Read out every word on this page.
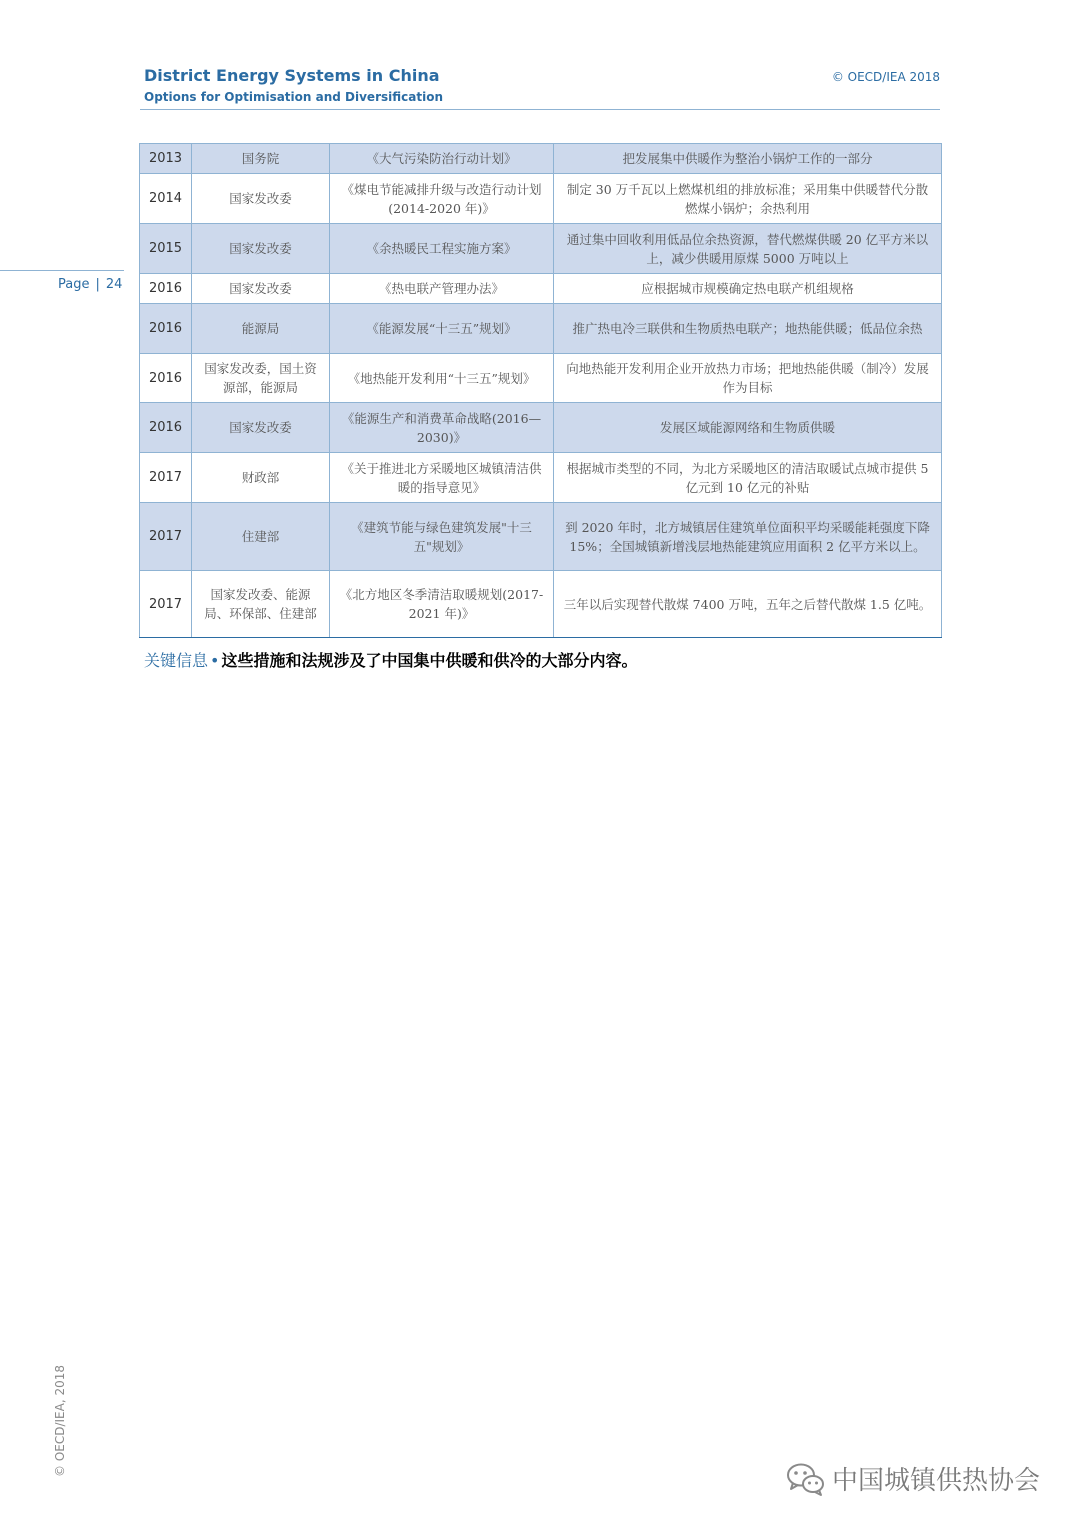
District Energy Systems in China
Options for Optimisation and Diversification
© OECD/IEA 2018
Page | 24
2013	国务院	《大气污染防治行动计划》	把发展集中供暖作为整治小锅炉工作的一部分
2014	国家发改委	《煤电节能减排升级与改造行动计划(2014-2020 年)》	制定 30 万千瓦以上燃煤机组的排放标准；采用集中供暖替代分散燃煤小锅炉；余热利用
2015	国家发改委	《余热暖民工程实施方案》	通过集中回收利用低品位余热资源，替代燃煤供暖 20 亿平方米以上，减少供暖用原煤 5000 万吨以上
2016	国家发改委	《热电联产管理办法》	应根据城市规模确定热电联产机组规格
2016	能源局	《能源发展“十三五”规划》	推广热电冷三联供和生物质热电联产；地热能供暖；低品位余热
2016	国家发改委，国土资源部，能源局	《地热能开发利用“十三五”规划》	向地热能开发利用企业开放热力市场；把地热能供暖（制冷）发展作为目标
2016	国家发改委	《能源生产和消费革命战略(2016—2030)》	发展区域能源网络和生物质供暖
2017	财政部	《关于推进北方采暖地区城镇清洁供暖的指导意见》	根据城市类型的不同，为北方采暖地区的清洁取暖试点城市提供 5 亿元到 10 亿元的补贴
2017	住建部	《建筑节能与绿色建筑发展"十三五"规划》	到 2020 年时，北方城镇居住建筑单位面积平均采暖能耗强度下降 15%；全国城镇新增浅层地热能建筑应用面积 2 亿平方米以上。
2017	国家发改委、能源局、环保部、住建部	《北方地区冬季清洁取暖规划(2017-2021 年)》	三年以后实现替代散煤 7400 万吨，五年之后替代散煤 1.5 亿吨。
关键信息 • 这些措施和法规涉及了中国集中供暖和供冷的大部分内容。
© OECD/IEA, 2018
中国城镇供热协会
